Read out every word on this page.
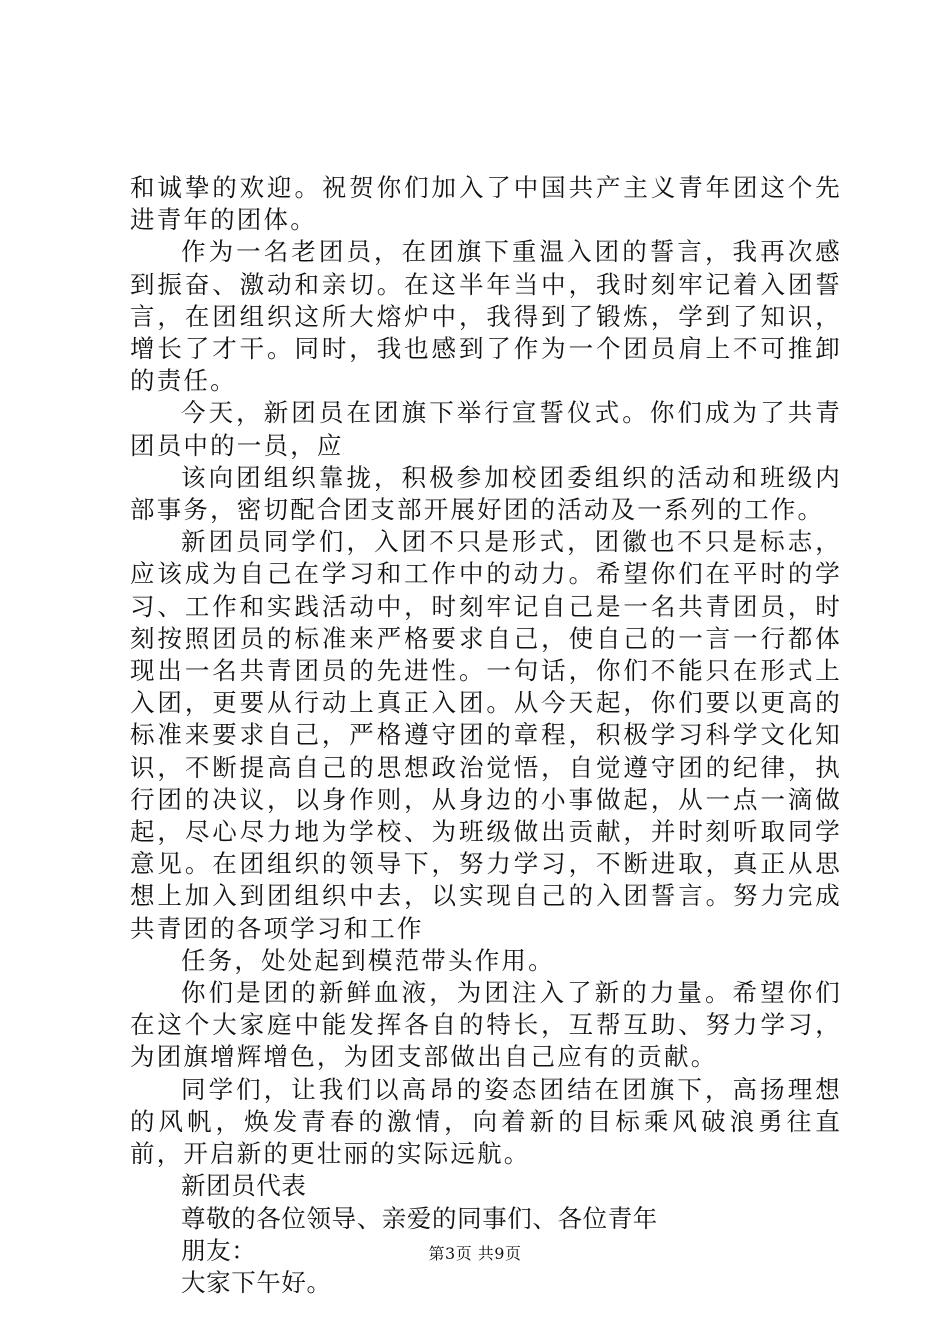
和诚挚的欢迎。祝贺你们加入了中国共产主义青年团这个先进青年的团体。

作为一名老团员，在团旗下重温入团的誓言，我再次感到振奋、激动和亲切。在这半年当中，我时刻牢记着入团誓言，在团组织这所大熔炉中，我得到了锻炼，学到了知识，增长了才干。同时，我也感到了作为一个团员肩上不可推卸的责任。

今天，新团员在团旗下举行宣誓仪式。你们成为了共青团员中的一员，应

该向团组织靠拢，积极参加校团委组织的活动和班级内部事务，密切配合团支部开展好团的活动及一系列的工作。

新团员同学们，入团不只是形式，团徽也不只是标志，应该成为自己在学习和工作中的动力。希望你们在平时的学习、工作和实践活动中，时刻牢记自己是一名共青团员，时刻按照团员的标准来严格要求自己，使自己的一言一行都体现出一名共青团员的先进性。一句话，你们不能只在形式上入团，更要从行动上真正入团。从今天起，你们要以更高的标准来要求自己，严格遵守团的章程，积极学习科学文化知识，不断提高自己的思想政治觉悟，自觉遵守团的纪律，执行团的决议，以身作则，从身边的小事做起，从一点一滴做起，尽心尽力地为学校、为班级做出贡献，并时刻听取同学意见。在团组织的领导下，努力学习，不断进取，真正从思想上加入到团组织中去，以实现自己的入团誓言。努力完成共青团的各项学习和工作

任务，处处起到模范带头作用。

你们是团的新鲜血液，为团注入了新的力量。希望你们在这个大家庭中能发挥各自的特长，互帮互助、努力学习，为团旗增辉增色，为团支部做出自己应有的贡献。

同学们，让我们以高昂的姿态团结在团旗下，高扬理想的风帆，焕发青春的激情，向着新的目标乘风破浪勇往直前，开启新的更壮丽的实际远航。

新团员代表

尊敬的各位领导、亲爱的同事们、各位青年

朋友：

大家下午好。

第3页 共9页
